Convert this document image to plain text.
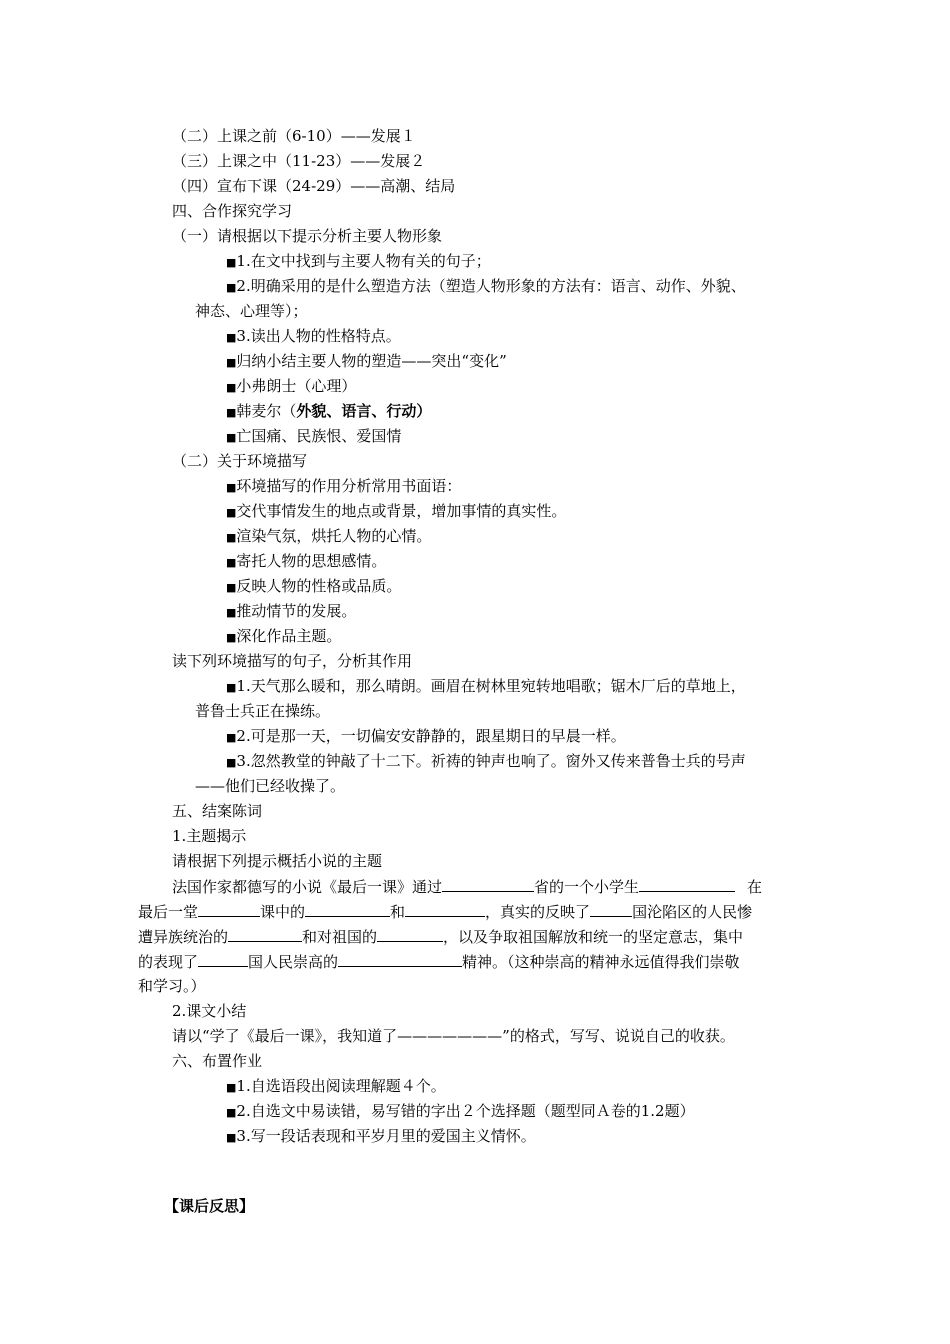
（二）上课之前（6-10）——发展１
（三）上课之中（11-23）——发展２
（四）宣布下课（24-29）——高潮、结局
四、合作探究学习
（一）请根据以下提示分析主要人物形象
■1.在文中找到与主要人物有关的句子；
■2.明确采用的是什么塑造方法（塑造人物形象的方法有：语言、动作、外貌、
神态、心理等）；
■3.读出人物的性格特点。
■归纳小结主要人物的塑造——突出“变化”
■小弗朗士（心理）
■韩麦尔（外貌、语言、行动）
■亡国痛、民族恨、爱国情
（二）关于环境描写
■环境描写的作用分析常用书面语：
■交代事情发生的地点或背景，增加事情的真实性。
■渲染气氛，烘托人物的心情。
■寄托人物的思想感情。
■反映人物的性格或品质。
■推动情节的发展。
■深化作品主题。
读下列环境描写的句子，分析其作用
■1.天气那么暖和，那么晴朗。画眉在树林里宛转地唱歌；锯木厂后的草地上，
普鲁士兵正在操练。
■2.可是那一天，一切偏安安静静的，跟星期日的早晨一样。
■3.忽然教堂的钟敲了十二下。祈祷的钟声也响了。窗外又传来普鲁士兵的号声
——他们已经收操了。
五、结案陈词
1.主题揭示
请根据下列提示概括小说的主题
法国作家都德写的小说《最后一课》通过	省的一个小学生	在
最后一堂	课中的	和	，真实的反映了	国沦陷区的人民惨
遭异族统治的	和对祖国的	，以及争取祖国解放和统一的坚定意志，集中
的表现了	国人民崇高的	精神。（这种崇高的精神永远值得我们崇敬
和学习。）
2.课文小结
请以“学了《最后一课》，我知道了———————”的格式，写写、说说自己的收获。
六、布置作业
■1.自选语段出阅读理解题４个。
■2.自选文中易读错，易写错的字出２个选择题（题型同Ａ卷的1.2题）
■3.写一段话表现和平岁月里的爱国主义情怀。
【课后反思】
